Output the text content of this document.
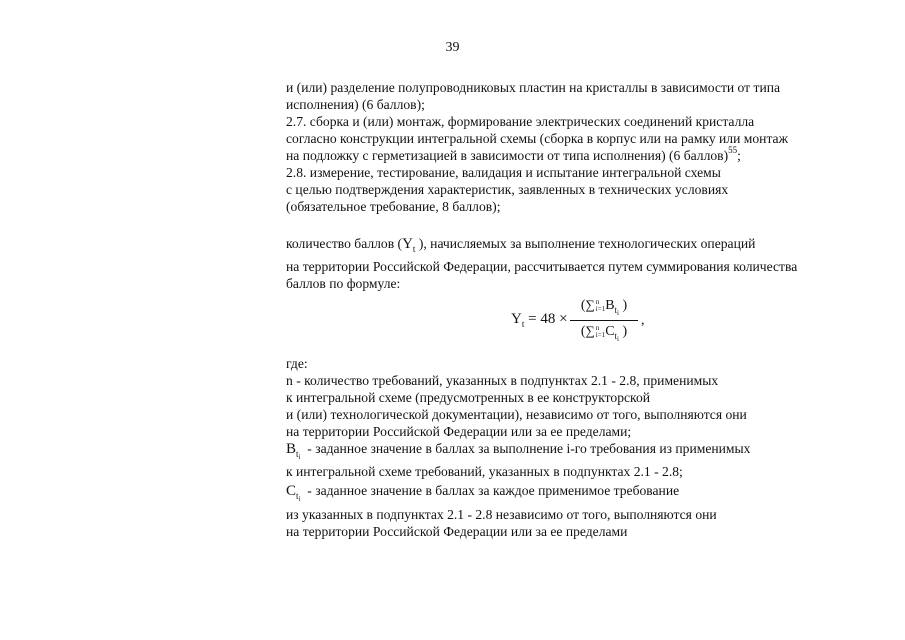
39
и (или) разделение полупроводниковых пластин на кристаллы в зависимости от типа
исполнения) (6 баллов);
2.7. сборка и (или) монтаж, формирование электрических соединений кристалла
согласно конструкции интегральной схемы (сборка в корпус или на рамку или монтаж
на подложку с герметизацией в зависимости от типа исполнения) (6 баллов)$^{55}$;
2.8. измерение, тестирование, валидация и испытание интегральной схемы
с целью подтверждения характеристик, заявленных в технических условиях
(обязательное требование, 8 баллов);
количество баллов ($Y_t$ ), начисляемых за выполнение технологических операций
на территории Российской Федерации, рассчитывается путем суммирования количества
баллов по формуле:
$Y_t = 48$ ×
(∑ n
i=1 $B_{ti}$ )
(∑ n
i=1 $C_{ti}$ )
,
где:
n - количество требований, указанных в подпунктах 2.1 - 2.8, применимых
к интегральной схеме (предусмотренных в ее конструкторской
и (или) технологической документации), независимо от того, выполняются они
на территории Российской Федерации или за ее пределами;
$B_{ti}$  - заданное значение в баллах за выполнение i-го требования из применимых
к интегральной схеме требований, указанных в подпунктах 2.1 - 2.8;
$C_{ti}$  - заданное значение в баллах за каждое применимое требование
из указанных в подпунктах 2.1 - 2.8 независимо от того, выполняются они
на территории Российской Федерации или за ее пределами
